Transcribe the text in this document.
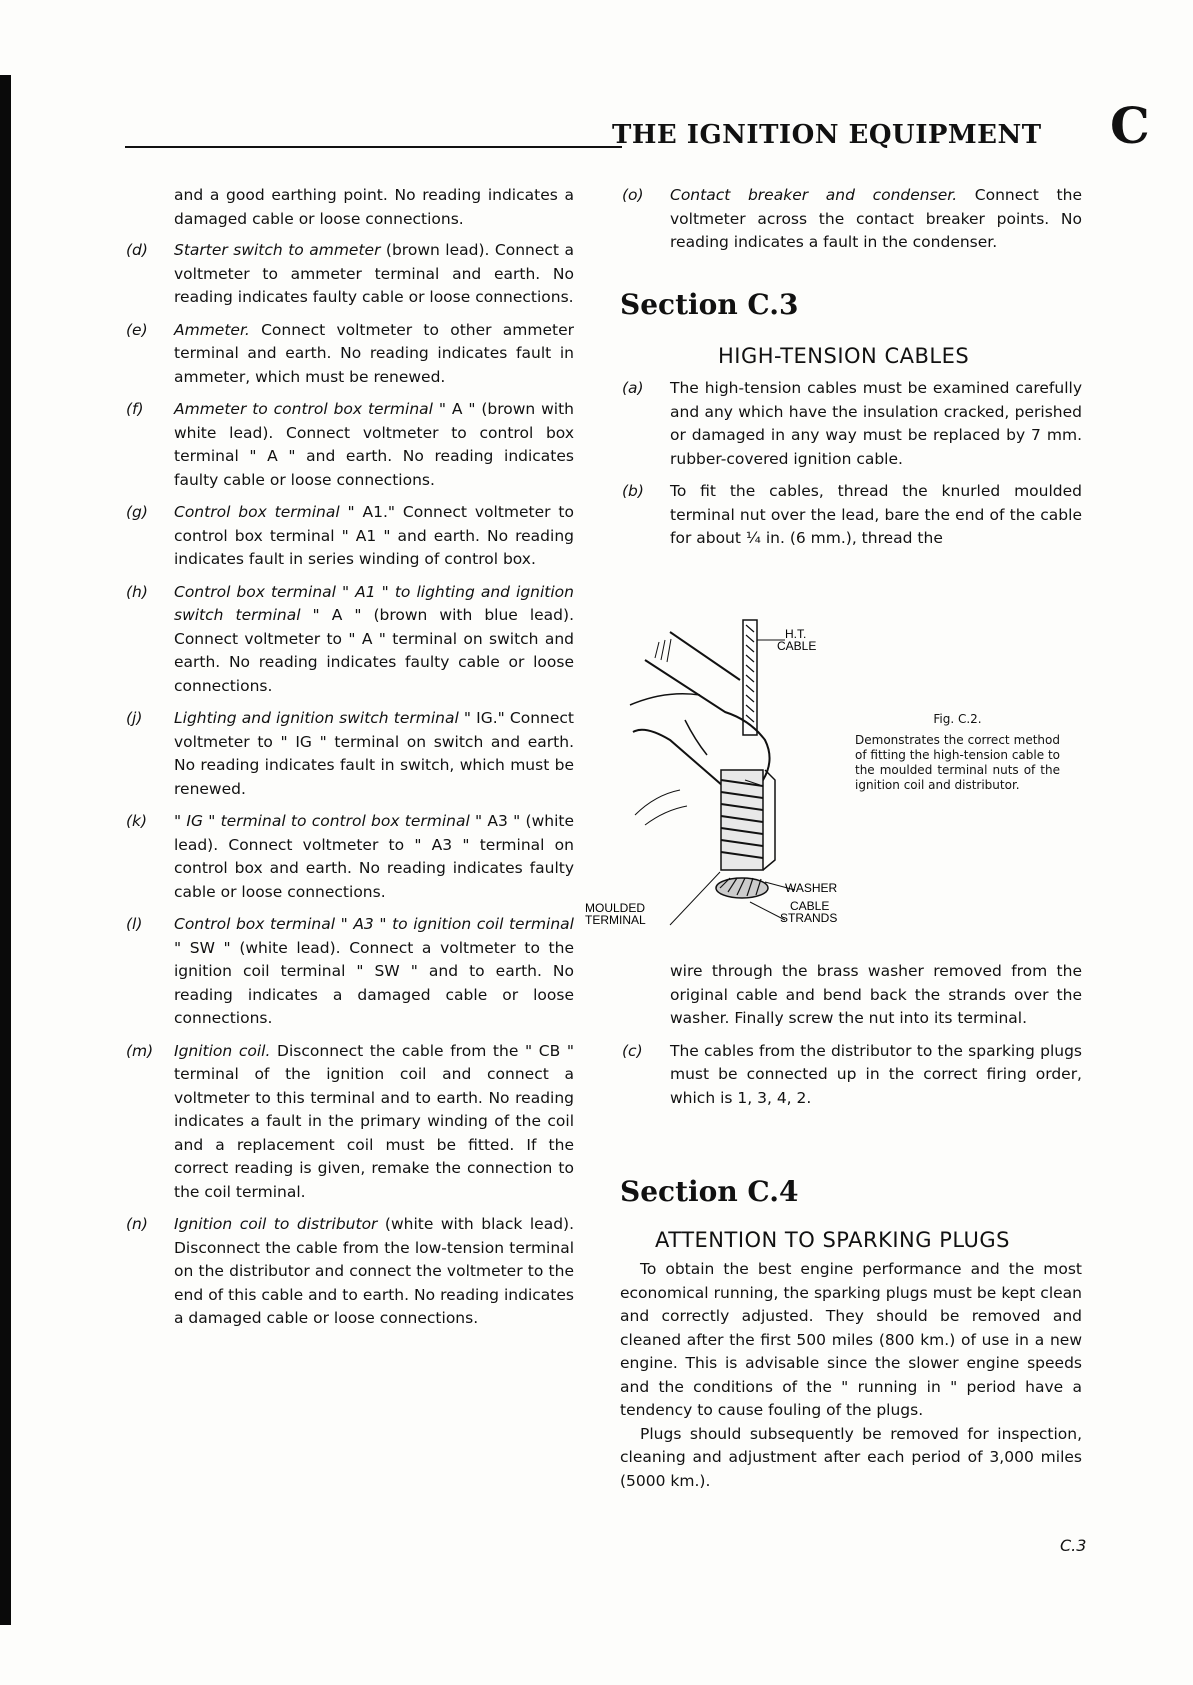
THE IGNITION EQUIPMENT C

and a good earthing point. No reading indicates a damaged cable or loose connections.

(d)	Starter switch to ammeter (brown lead). Connect a voltmeter to ammeter terminal and earth. No reading indicates faulty cable or loose connections.
(e)	Ammeter. Connect voltmeter to other ammeter terminal and earth. No reading indicates fault in ammeter, which must be renewed.
(f)	Ammeter to control box terminal " A " (brown with white lead). Connect voltmeter to control box terminal " A " and earth. No reading indicates faulty cable or loose connections.
(g)	Control box terminal " A1." Connect voltmeter to control box terminal " A1 " and earth. No reading indicates fault in series winding of control box.
(h)	Control box terminal " A1 " to lighting and ignition switch terminal " A " (brown with blue lead). Connect voltmeter to " A " terminal on switch and earth. No reading indicates faulty cable or loose connections.
(j)	Lighting and ignition switch terminal " IG." Connect voltmeter to " IG " terminal on switch and earth. No reading indicates fault in switch, which must be renewed.
(k)	" IG " terminal to control box terminal " A3 " (white lead). Connect voltmeter to " A3 " terminal on control box and earth. No reading indicates faulty cable or loose connections.
(l)	Control box terminal " A3 " to ignition coil terminal " SW " (white lead). Connect a voltmeter to the ignition coil terminal " SW " and to earth. No reading indicates a damaged cable or loose connections.
(m)	Ignition coil. Disconnect the cable from the " CB " terminal of the ignition coil and connect a voltmeter to this terminal and to earth. No reading indicates a fault in the primary winding of the coil and a replacement coil must be fitted. If the correct reading is given, remake the connection to the coil terminal.
(n)	Ignition coil to distributor (white with black lead). Disconnect the cable from the low-tension terminal on the distributor and connect the voltmeter to the end of this cable and to earth. No reading indicates a damaged cable or loose connections.
(o)	Contact breaker and condenser. Connect the voltmeter across the contact breaker points. No reading indicates a fault in the condenser.
Section C.3
HIGH-TENSION CABLES
(a)	The high-tension cables must be examined carefully and any which have the insulation cracked, perished or damaged in any way must be replaced by 7 mm. rubber-covered ignition cable.
(b)	To fit the cables, thread the knurled moulded terminal nut over the lead, bare the end of the cable for about ¼ in. (6 mm.), thread the
H.T.
CABLE
WASHER
MOULDED
TERMINAL
CABLE
STRANDS
Fig. C.2.
Demonstrates the correct method of fitting the high-tension cable to the moulded terminal nuts of the ignition coil and distributor.
wire through the brass washer removed from the original cable and bend back the strands over the washer. Finally screw the nut into its terminal.
(c)	The cables from the distributor to the sparking plugs must be connected up in the correct firing order, which is 1, 3, 4, 2.
Section C.4
ATTENTION TO SPARKING PLUGS

To obtain the best engine performance and the most economical running, the sparking plugs must be kept clean and correctly adjusted. They should be removed and cleaned after the first 500 miles (800 km.) of use in a new engine. This is advisable since the slower engine speeds and the conditions of the " running in " period have a tendency to cause fouling of the plugs.

Plugs should subsequently be removed for inspection, cleaning and adjustment after each period of 3,000 miles (5000 km.).

C.3
